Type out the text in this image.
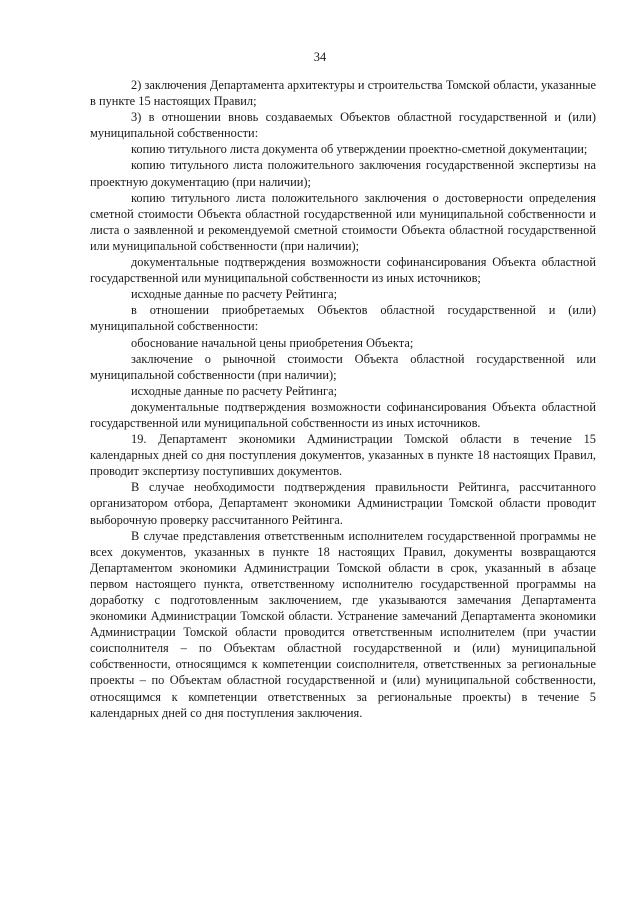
34

2) заключения Департамента архитектуры и строительства Томской области, указанные в пункте 15 настоящих Правил;

3) в отношении вновь создаваемых Объектов областной государственной и (или) муниципальной собственности:

копию титульного листа документа об утверждении проектно-сметной документации;

копию титульного листа положительного заключения государственной экспертизы на проектную документацию (при наличии);

копию титульного листа положительного заключения о достоверности определения сметной стоимости Объекта областной государственной или муниципальной собственности и листа о заявленной и рекомендуемой сметной стоимости Объекта областной государственной или муниципальной собственности (при наличии);

документальные подтверждения возможности софинансирования Объекта областной государственной или муниципальной собственности из иных источников;

исходные данные по расчету Рейтинга;

в отношении приобретаемых Объектов областной государственной и (или) муниципальной собственности:

обоснование начальной цены приобретения Объекта;

заключение о рыночной стоимости Объекта областной государственной или муниципальной собственности (при наличии);

исходные данные по расчету Рейтинга;

документальные подтверждения возможности софинансирования Объекта областной государственной или муниципальной собственности из иных источников.

19. Департамент экономики Администрации Томской области в течение 15 календарных дней со дня поступления документов, указанных в пункте 18 настоящих Правил, проводит экспертизу поступивших документов.

В случае необходимости подтверждения правильности Рейтинга, рассчитанного организатором отбора, Департамент экономики Администрации Томской области проводит выборочную проверку рассчитанного Рейтинга.

В случае представления ответственным исполнителем государственной программы не всех документов, указанных в пункте 18 настоящих Правил, документы возвращаются Департаментом экономики Администрации Томской области в срок, указанный в абзаце первом настоящего пункта, ответственному исполнителю государственной программы на доработку с подготовленным заключением, где указываются замечания Департамента экономики Администрации Томской области. Устранение замечаний Департамента экономики Администрации Томской области проводится ответственным исполнителем (при участии соисполнителя – по Объектам областной государственной и (или) муниципальной собственности, относящимся к компетенции соисполнителя, ответственных за региональные проекты – по Объектам областной государственной и (или) муниципальной собственности, относящимся к компетенции ответственных за региональные проекты) в течение 5 календарных дней со дня поступления заключения.
